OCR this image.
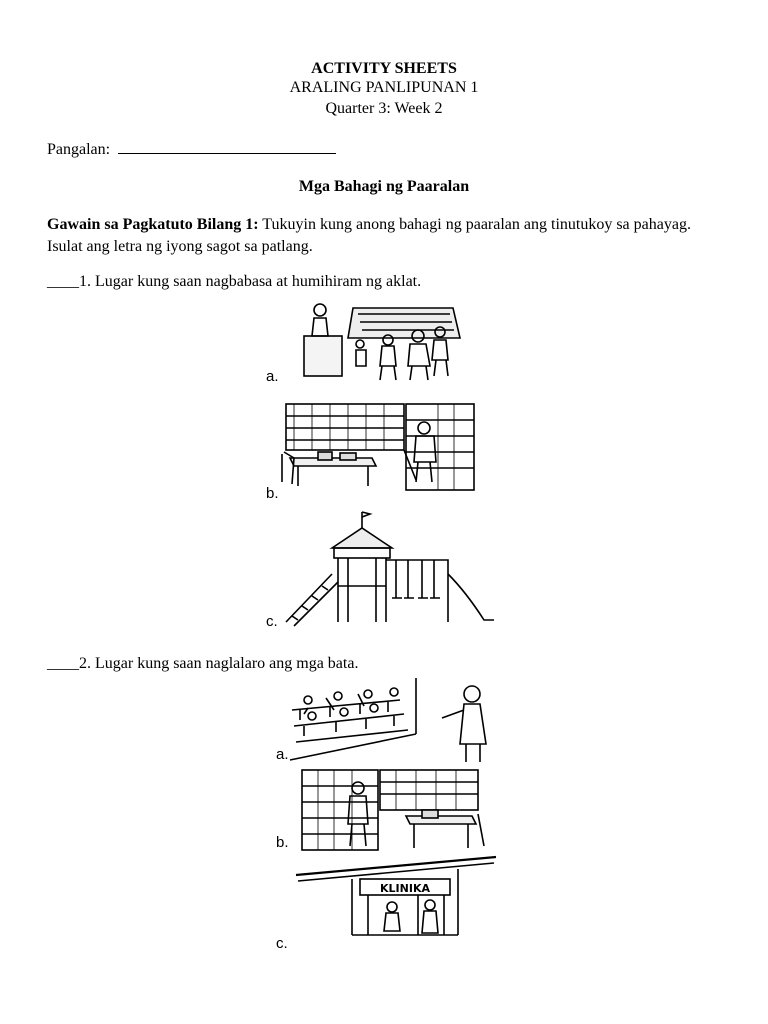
ACTIVITY SHEETS
ARALING PANLIPUNAN 1
Quarter 3: Week 2
Pangalan:
Mga Bahagi ng Paaralan
Gawain sa Pagkatuto Bilang 1: Tukuyin kung anong bahagi ng paaralan ang tinutukoy sa pahayag. Isulat ang letra ng iyong sagot sa patlang.
____1. Lugar kung saan nagbabasa at humihiram ng aklat.
a.
b.
c.
____2. Lugar kung saan naglalaro ang mga bata.
a.
b.
KLINIKA
c.
